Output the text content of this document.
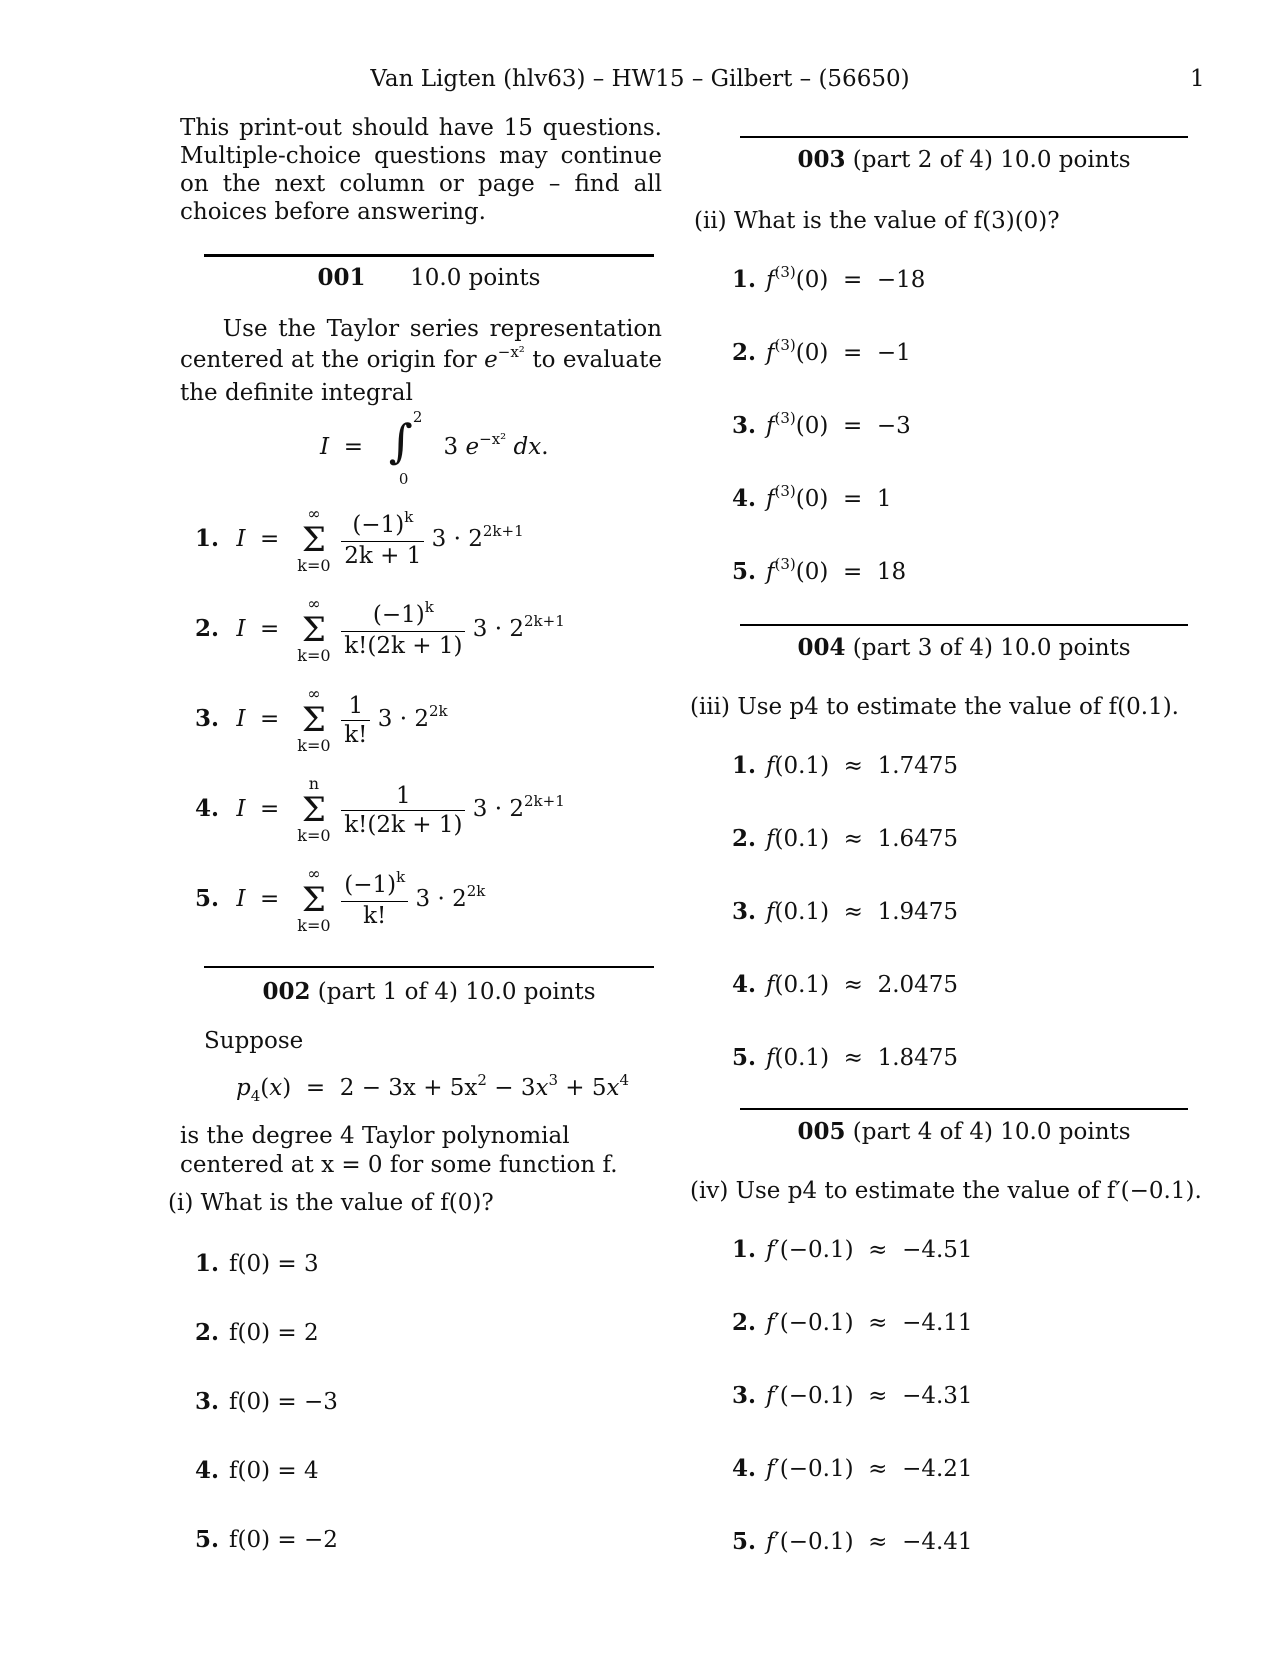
Van Ligten (hlv63) – HW15 – Gilbert – (56650)	1
This print-out should have 15 questions. Multiple-choice questions may continue on the next column or page – find all choices before answering.
001 10.0 points
Use the Taylor series representation centered at the origin for $e^{-x^2}$ to evaluate the definite integral
I  = ∫ 2
0
3 $e^{-x^2}$ dx.
1. I  =
∞
Σ
k=0
$\frac{(-1)^k}{2k + 1} 3 \cdot 2^{2k+1}$
2. I  =
∞
Σ
k=0
$\frac{(-1)^k}{k!(2k + 1)} 3 \cdot 2^{2k+1}$
3. I  =
∞
Σ
k=0
$\frac{1}{k!} 3 \cdot 2^{2k}$
4. I  =
n
Σ
k=0
$\frac{1}{k!(2k + 1)} 3 \cdot 2^{2k+1}$
5. I  =
∞
Σ
k=0
$\frac{(-1)^k}{k!} 3 \cdot 2^{2k}$
002 (part 1 of 4) 10.0 points
Suppose
$p_4(x) = 2 - 3x + 5x^2 - 3x^3 + 5x^4$
is the degree 4 Taylor polynomial centered at x = 0 for some function f.
(i) What is the value of f(0)?
1. f(0) = 3
2. f(0) = 2
3. f(0) = −3
4. f(0) = 4
5. f(0) = −2
003 (part 2 of 4) 10.0 points
(ii) What is the value of f(3)(0)?
1. $f^{(3)}(0) = -18$
2. $f^{(3)}(0) = -1$
3. $f^{(3)}(0) = -3$
4. $f^{(3)}(0) = 1$
5. $f^{(3)}(0) = 18$
004 (part 3 of 4) 10.0 points
(iii) Use p4 to estimate the value of f(0.1).
1. f(0.1)  ≈  1.7475
2. f(0.1)  ≈  1.6475
3. f(0.1)  ≈  1.9475
4. f(0.1)  ≈  2.0475
5. f(0.1)  ≈  1.8475
005 (part 4 of 4) 10.0 points
(iv) Use p4 to estimate the value of f′(−0.1).
1. f′(−0.1)  ≈  −4.51
2. f′(−0.1)  ≈  −4.11
3. f′(−0.1)  ≈  −4.31
4. f′(−0.1)  ≈  −4.21
5. f′(−0.1)  ≈  −4.41
